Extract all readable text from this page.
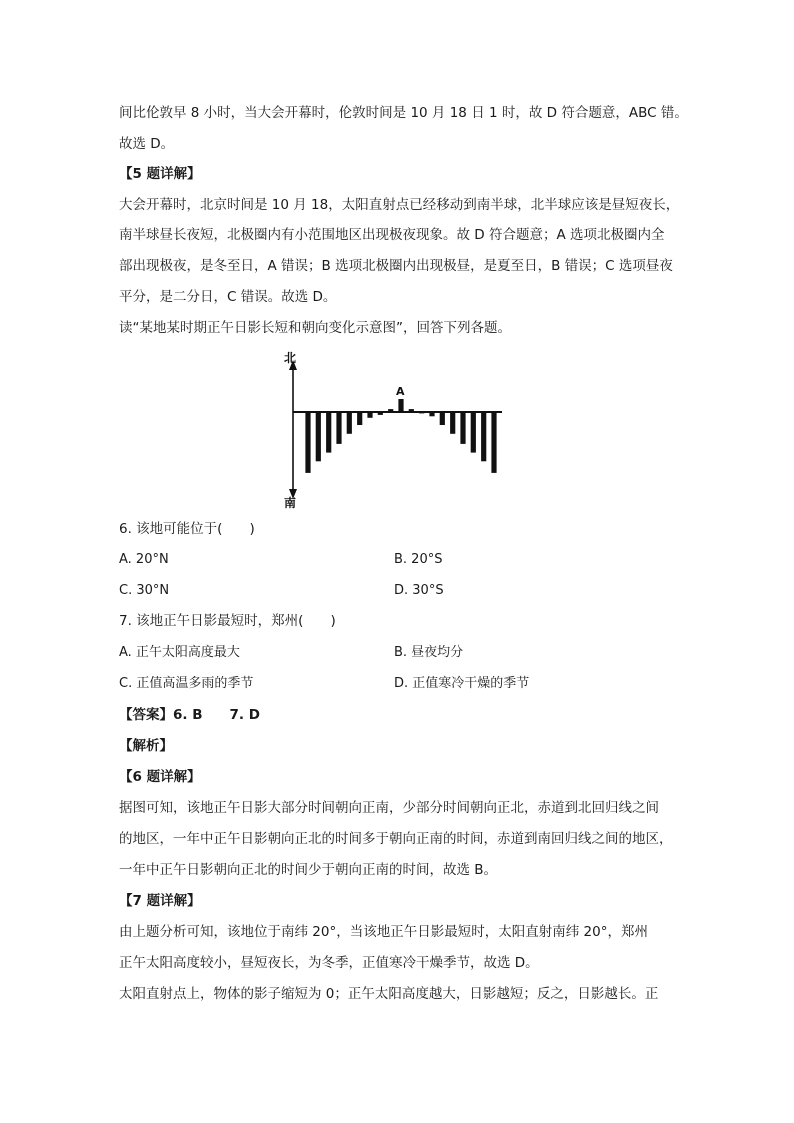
间比伦敦早 8 小时，当大会开幕时，伦敦时间是 10 月 18 日 1 时，故 D 符合题意，ABC 错。
故选 D。
【5 题详解】
大会开幕时，北京时间是 10 月 18，太阳直射点已经移动到南半球，北半球应该是昼短夜长，
南半球昼长夜短，北极圈内有小范围地区出现极夜现象。故 D 符合题意；A 选项北极圈内全
部出现极夜，是冬至日，A 错误；B 选项北极圈内出现极昼，是夏至日，B 错误；C 选项昼夜
平分，是二分日，C 错误。故选 D。
读“某地某时期正午日影长短和朝向变化示意图”，回答下列各题。
北
南
A
6. 该地可能位于(　　)
A. 20°N	B. 20°S
C. 30°N	D. 30°S
7. 该地正午日影最短时，郑州(　　)
A. 正午太阳高度最大	B. 昼夜均分
C. 正值高温多雨的季节	D. 正值寒冷干燥的季节
【答案】6. B　　7. D
【解析】
【6 题详解】
据图可知，该地正午日影大部分时间朝向正南，少部分时间朝向正北，赤道到北回归线之间
的地区，一年中正午日影朝向正北的时间多于朝向正南的时间，赤道到南回归线之间的地区，
一年中正午日影朝向正北的时间少于朝向正南的时间，故选 B。
【7 题详解】
由上题分析可知，该地位于南纬 20°，当该地正午日影最短时，太阳直射南纬 20°，郑州
正午太阳高度较小，昼短夜长，为冬季，正值寒冷干燥季节，故选 D。
太阳直射点上，物体的影子缩短为 0；正午太阳高度越大，日影越短；反之，日影越长。正
